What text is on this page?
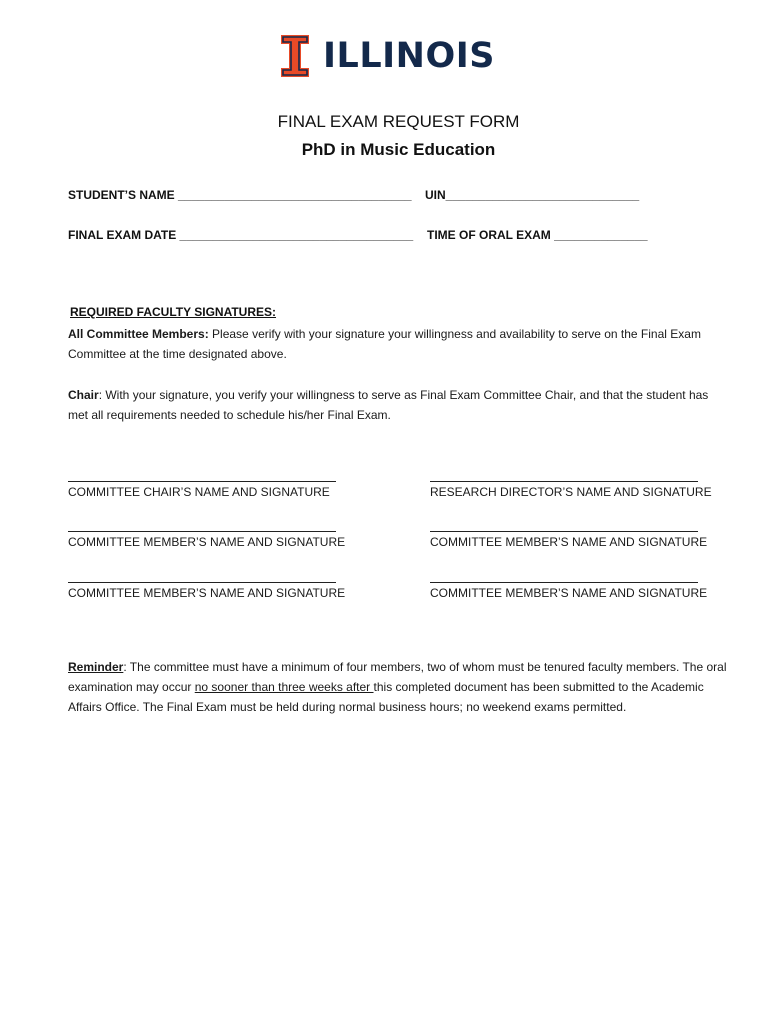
ILLINOIS
FINAL EXAM REQUEST FORM
PhD in Music Education
STUDENT’S NAME ___________________________________ UIN_____________________________
FINAL EXAM DATE ___________________________________ TIME OF ORAL EXAM ______________
REQUIRED FACULTY SIGNATURES:
All Committee Members: Please verify with your signature your willingness and availability to serve on the Final Exam Committee at the time designated above.
Chair: With your signature, you verify your willingness to serve as Final Exam Committee Chair, and that the student has met all requirements needed to schedule his/her Final Exam.
COMMITTEE CHAIR’S NAME AND SIGNATURE	RESEARCH DIRECTOR’S NAME AND SIGNATURE
COMMITTEE MEMBER’S NAME AND SIGNATURE	COMMITTEE MEMBER’S NAME AND SIGNATURE
COMMITTEE MEMBER’S NAME AND SIGNATURE	COMMITTEE MEMBER’S NAME AND SIGNATURE
Reminder: The committee must have a minimum of four members, two of whom must be tenured faculty members. The oral examination may occur no sooner than three weeks after this completed document has been submitted to the Academic Affairs Office. The Final Exam must be held during normal business hours; no weekend exams permitted.
